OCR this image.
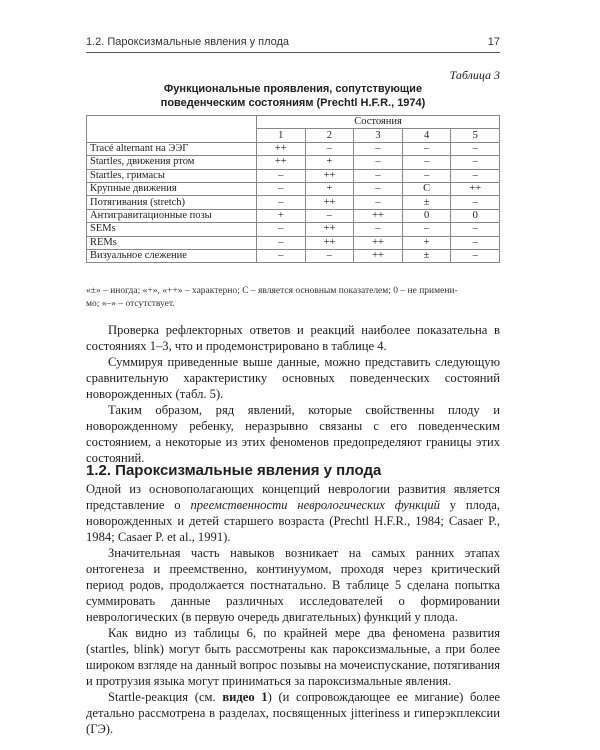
1.2. Пароксизмальные явления у плода	17
Таблица 3
Функциональные проявления, сопутствующие
поведенческим состояниям (Prechtl H.F.R., 1974)
	Состояния				
	1	2	3	4	5
Tracé alternant на ЭЭГ	++	–	–	–	–
Startles, движения ртом	++	+	–	–	–
Startles, гримасы	–	++	–	–	–
Крупные движения	–	+	–	C	++
Потягивания (stretch)	–	++	–	±	–
Антигравитационные позы	+	–	++	0	0
SEMs	–	++	–	–	–
REMs	–	++	++	+	–
Визуальное слежение	–	–	++	±	–
«±» – иногда; «+», «++» – характерно; С – является основным показателем; 0 – не примени-
мо; «–» – отсутствует.

Проверка рефлекторных ответов и реакций наиболее показательна в состояниях 1–3, что и продемонстрировано в таблице 4.

Суммируя приведенные выше данные, можно представить следующую сравнительную характеристику основных поведенческих состояний новорожденных (табл. 5).

Таким образом, ряд явлений, которые свойственны плоду и новорожденному ребенку, неразрывно связаны с его поведенческим состоянием, а некоторые из этих феноменов предопределяют границы этих состояний.

1.2. Пароксизмальные явления у плода

Одной из основополагающих концепций неврологии развития является представление о преемственности неврологических функций у плода, новорожденных и детей старшего возраста (Prechtl H.F.R., 1984; Casaer P., 1984; Casaer P. et al., 1991).

Значительная часть навыков возникает на самых ранних этапах онтогенеза и преемственно, континуумом, проходя через критический период родов, продолжается постнатально. В таблице 5 сделана попытка суммировать данные различных исследователей о формировании неврологических (в первую очередь двигательных) функций у плода.

Как видно из таблицы 6, по крайней мере два феномена развития (startles, blink) могут быть рассмотрены как пароксизмальные, а при более широком взгляде на данный вопрос позывы на мочеиспускание, потягивания и протрузия языка могут приниматься за пароксизмальные явления.

Startle-реакция (см. видео 1) (и сопровождающее ее мигание) более детально рассмотрена в разделах, посвященных jitteriness и гиперэкплексии (ГЭ).
